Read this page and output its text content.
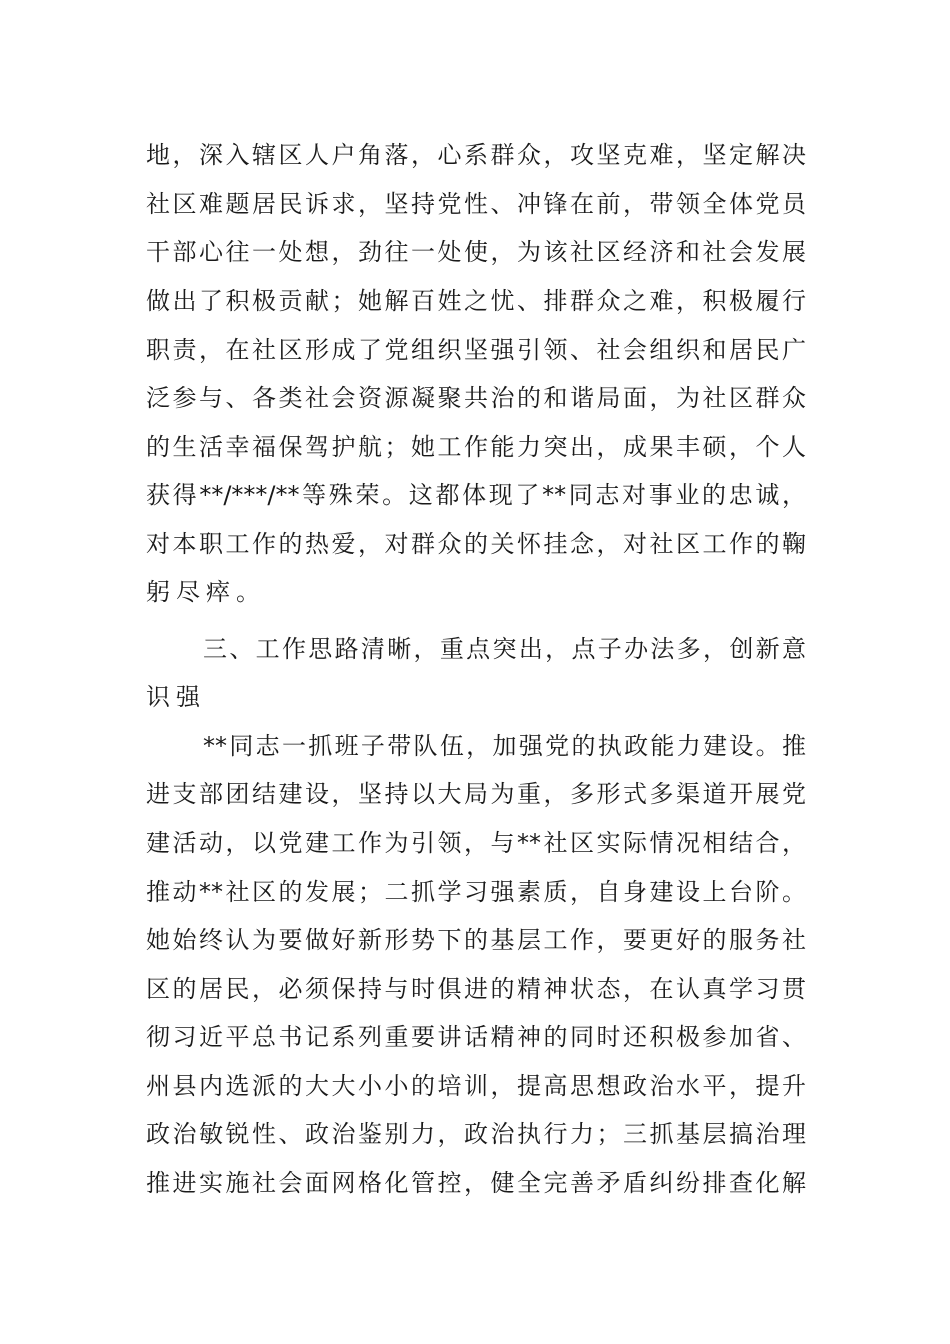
地，深入辖区人户角落，心系群众，攻坚克难，坚定解决
社区难题居民诉求，坚持党性、冲锋在前，带领全体党员
干部心往一处想，劲往一处使，为该社区经济和社会发展
做出了积极贡献；她解百姓之忧、排群众之难，积极履行
职责，在社区形成了党组织坚强引领、社会组织和居民广
泛参与、各类社会资源凝聚共治的和谐局面，为社区群众
的生活幸福保驾护航；她工作能力突出，成果丰硕，个人
获得**/***/**等殊荣。这都体现了**同志对事业的忠诚，
对本职工作的热爱，对群众的关怀挂念，对社区工作的鞠
躬尽瘁。
三、工作思路清晰，重点突出，点子办法多，创新意
识强
**同志一抓班子带队伍，加强党的执政能力建设。推
进支部团结建设，坚持以大局为重，多形式多渠道开展党
建活动，以党建工作为引领，与**社区实际情况相结合，
推动**社区的发展；二抓学习强素质，自身建设上台阶。
她始终认为要做好新形势下的基层工作，要更好的服务社
区的居民，必须保持与时俱进的精神状态，在认真学习贯
彻习近平总书记系列重要讲话精神的同时还积极参加省、
州县内选派的大大小小的培训，提高思想政治水平，提升
政治敏锐性、政治鉴别力，政治执行力；三抓基层搞治理
推进实施社会面网格化管控，健全完善矛盾纠纷排查化解
